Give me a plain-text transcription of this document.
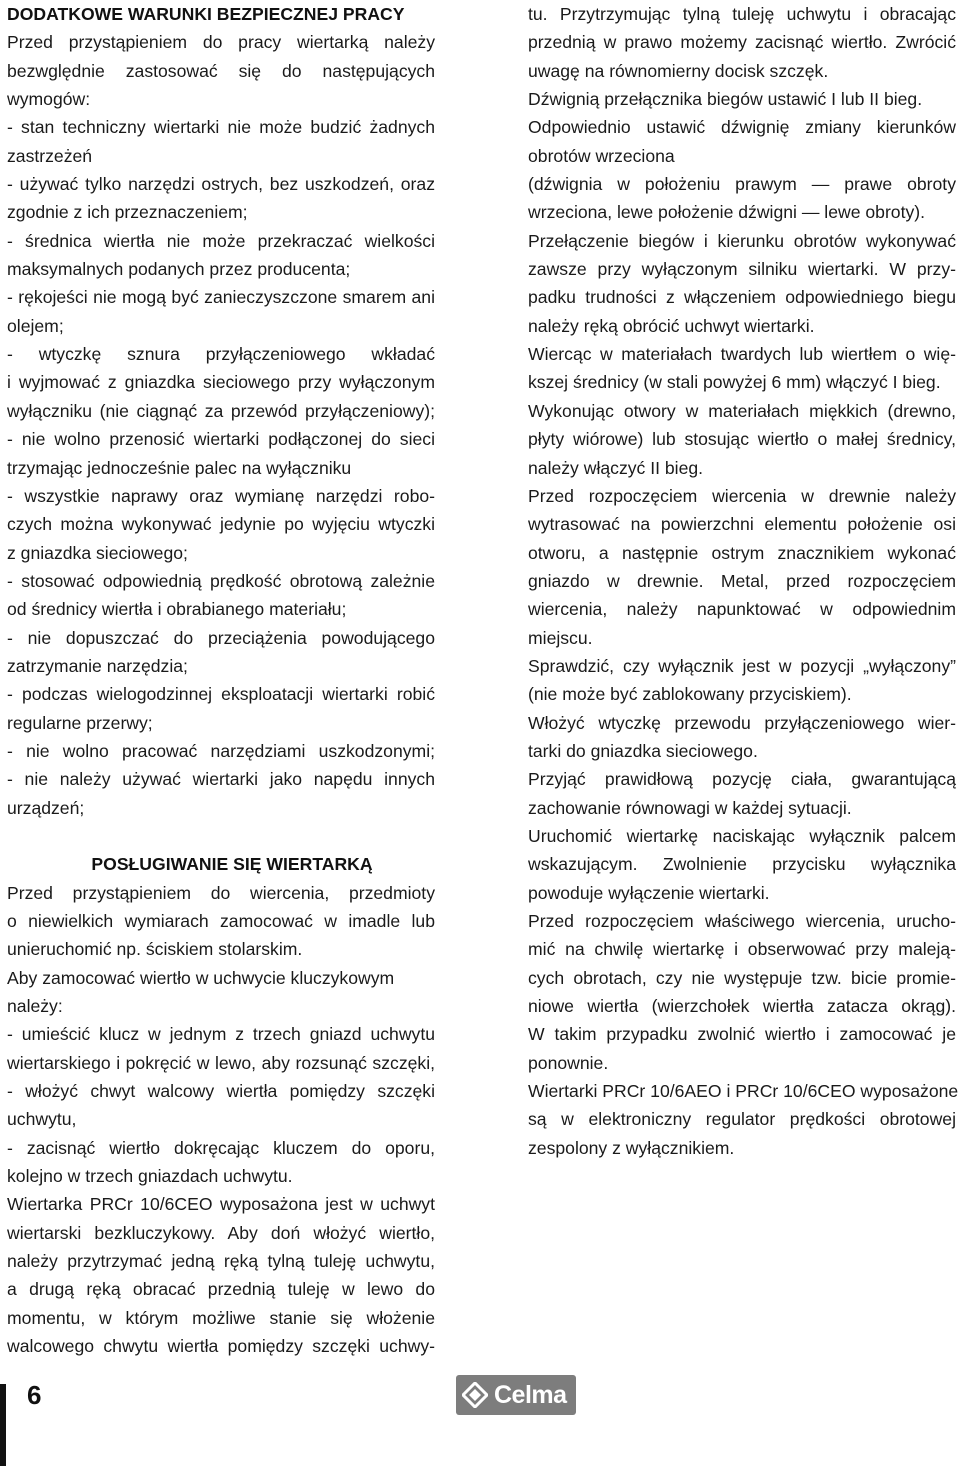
DODATKOWE WARUNKI BEZPIECZNEJ PRACY
Przed przystąpieniem do pracy wiertarką należy
bezwględnie zastosować się do następujących
wymogów:
- stan techniczny wiertarki nie może budzić żadnych
zastrzeżeń
- używać tylko narzędzi ostrych, bez uszkodzeń, oraz
zgodnie z ich przeznaczeniem;
- średnica wiertła nie może przekraczać wielkości
maksymalnych podanych przez producenta;
- rękojeści nie mogą być zanieczyszczone smarem ani
olejem;
- wtyczkę sznura przyłączeniowego wkładać
i wyjmować z gniazdka sieciowego przy wyłączonym
wyłączniku (nie ciągnąć za przewód przyłączeniowy);
- nie wolno przenosić wiertarki podłączonej do sieci
trzymając jednocześnie palec na wyłączniku
- wszystkie naprawy oraz wymianę narzędzi robo-
czych można wykonywać jedynie po wyjęciu wtyczki
z gniazdka sieciowego;
- stosować odpowiednią prędkość obrotową zależnie
od średnicy wiertła i obrabianego materiału;
- nie dopuszczać do przeciążenia powodującego
zatrzymanie narzędzia;
- podczas wielogodzinnej eksploatacji wiertarki robić
regularne przerwy;
- nie wolno pracować narzędziami uszkodzonymi;
- nie należy używać wiertarki jako napędu innych
urządzeń;
POSŁUGIWANIE SIĘ WIERTARKĄ
Przed przystąpieniem do wiercenia, przedmioty
o niewielkich wymiarach zamocować w imadle lub
unieruchomić np. ściskiem stolarskim.
Aby zamocować wiertło w uchwycie kluczykowym
należy:
- umieścić klucz w jednym z trzech gniazd uchwytu
wiertarskiego i pokręcić w lewo, aby rozsunąć szczęki,
- włożyć chwyt walcowy wiertła pomiędzy szczęki
uchwytu,
- zacisnąć wiertło dokręcając kluczem do oporu,
kolejno w trzech gniazdach uchwytu.
Wiertarka PRCr 10/6CEO wyposażona jest w uchwyt
wiertarski bezkluczykowy. Aby doń włożyć wiertło,
należy przytrzymać jedną ręką tylną tuleję uchwytu,
a drugą ręką obracać przednią tuleję w lewo do
momentu, w którym możliwe stanie się włożenie
walcowego chwytu wiertła pomiędzy szczęki uchwy-
tu. Przytrzymując tylną tuleję uchwytu i obracając
przednią w prawo możemy zacisnąć wiertło. Zwrócić
uwagę na równomierny docisk szczęk.
Dźwignią przełącznika biegów ustawić I lub II bieg.
Odpowiednio ustawić dźwignię zmiany kierunków
obrotów wrzeciona
(dźwignia w położeniu prawym — prawe obroty
wrzeciona, lewe położenie dźwigni — lewe obroty).
Przełączenie biegów i kierunku obrotów wykonywać
zawsze przy wyłączonym silniku wiertarki. W przy-
padku trudności z włączeniem odpowiedniego biegu
należy ręką obrócić uchwyt wiertarki.
Wiercąc w materiałach twardych lub wiertłem o wię-
kszej średnicy (w stali powyżej 6 mm) włączyć I bieg.
Wykonując otwory w materiałach miękkich (drewno,
płyty wiórowe) lub stosując wiertło o małej średnicy,
należy włączyć II bieg.
Przed rozpoczęciem wiercenia w drewnie należy
wytrasować na powierzchni elementu położenie osi
otworu, a następnie ostrym znacznikiem wykonać
gniazdo w drewnie. Metal, przed rozpoczęciem
wiercenia, należy napunktować w odpowiednim
miejscu.
Sprawdzić, czy wyłącznik jest w pozycji „wyłączony”
(nie może być zablokowany przyciskiem).
Włożyć wtyczkę przewodu przyłączeniowego wier-
tarki do gniazdka sieciowego.
Przyjąć prawidłową pozycję ciała, gwarantującą
zachowanie równowagi w każdej sytuacji.
Uruchomić wiertarkę naciskając wyłącznik palcem
wskazującym. Zwolnienie przycisku wyłącznika
powoduje wyłączenie wiertarki.
Przed rozpoczęciem właściwego wiercenia, urucho-
mić na chwilę wiertarkę i obserwować przy maleją-
cych obrotach, czy nie występuje tzw. bicie promie-
niowe wiertła (wierzchołek wiertła zatacza okrąg).
W takim przypadku zwolnić wiertło i zamocować je
ponownie.
Wiertarki PRCr 10/6AEO i PRCr 10/6CEO wyposażone
są w elektroniczny regulator prędkości obrotowej
zespolony z wyłącznikiem.
6	Celma
